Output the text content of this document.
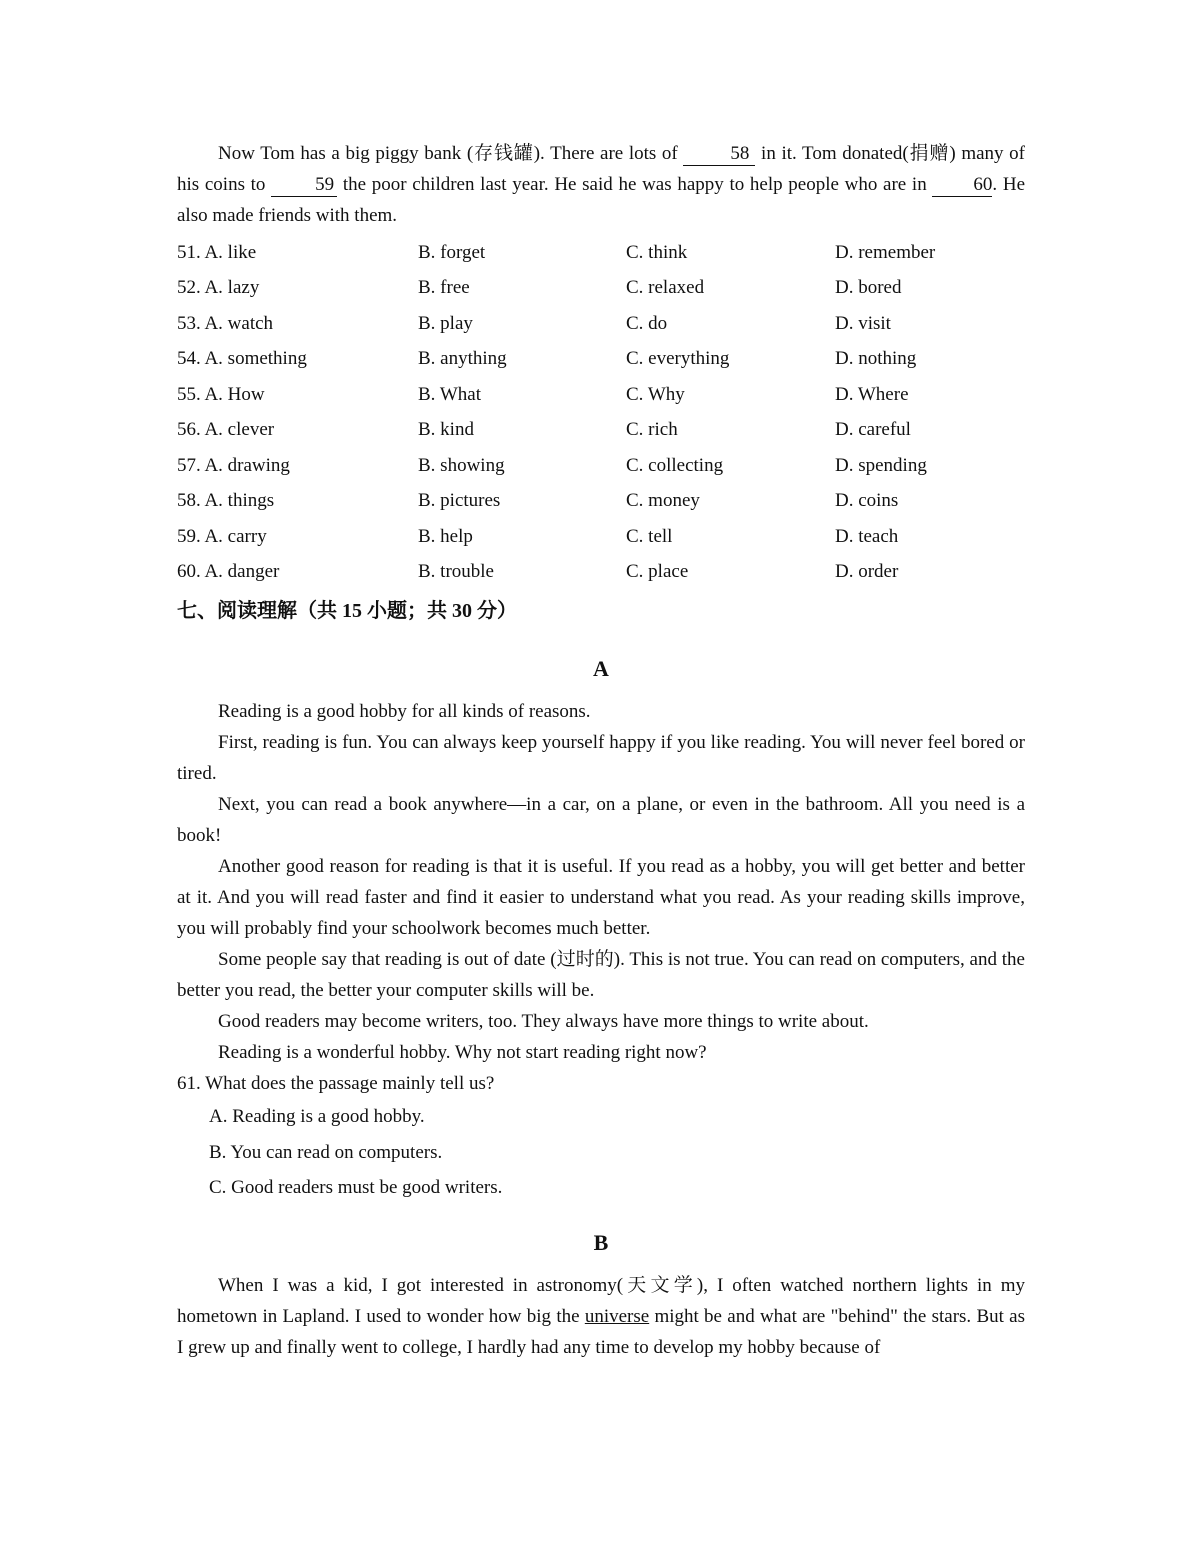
Now Tom has a big piggy bank (存钱罐). There are lots of 58 in it. Tom donated(捐赠) many of his coins to 59 the poor children last year. He said he was happy to help people who are in 60. He also made friends with them.

51. A. like	B. forget	C. think	D. remember
52. A. lazy	B. free	C. relaxed	D. bored
53. A. watch	B. play	C. do	D. visit
54. A. something	B. anything	C. everything	D. nothing
55. A. How	B. What	C. Why	D. Where
56. A. clever	B. kind	C. rich	D. careful
57. A. drawing	B. showing	C. collecting	D. spending
58. A. things	B. pictures	C. money	D. coins
59. A. carry	B. help	C. tell	D. teach
60. A. danger	B. trouble	C. place	D. order
七、阅读理解（共 15 小题；共 30 分）
A

Reading is a good hobby for all kinds of reasons.

First, reading is fun. You can always keep yourself happy if you like reading. You will never feel bored or tired.

Next, you can read a book anywhere—in a car, on a plane, or even in the bathroom. All you need is a book!

Another good reason for reading is that it is useful. If you read as a hobby, you will get better and better at it. And you will read faster and find it easier to understand what you read. As your reading skills improve, you will probably find your schoolwork becomes much better.

Some people say that reading is out of date (过时的). This is not true. You can read on computers, and the better you read, the better your computer skills will be.

Good readers may become writers, too. They always have more things to write about.

Reading is a wonderful hobby. Why not start reading right now?

61. What does the passage mainly tell us?

A. Reading is a good hobby.

B. You can read on computers.

C. Good readers must be good writers.

B

When I was a kid, I got interested in astronomy(天文学), I often watched northern lights in my hometown in Lapland. I used to wonder how big the universe might be and what are "behind" the stars. But as I grew up and finally went to college, I hardly had any time to develop my hobby because of
